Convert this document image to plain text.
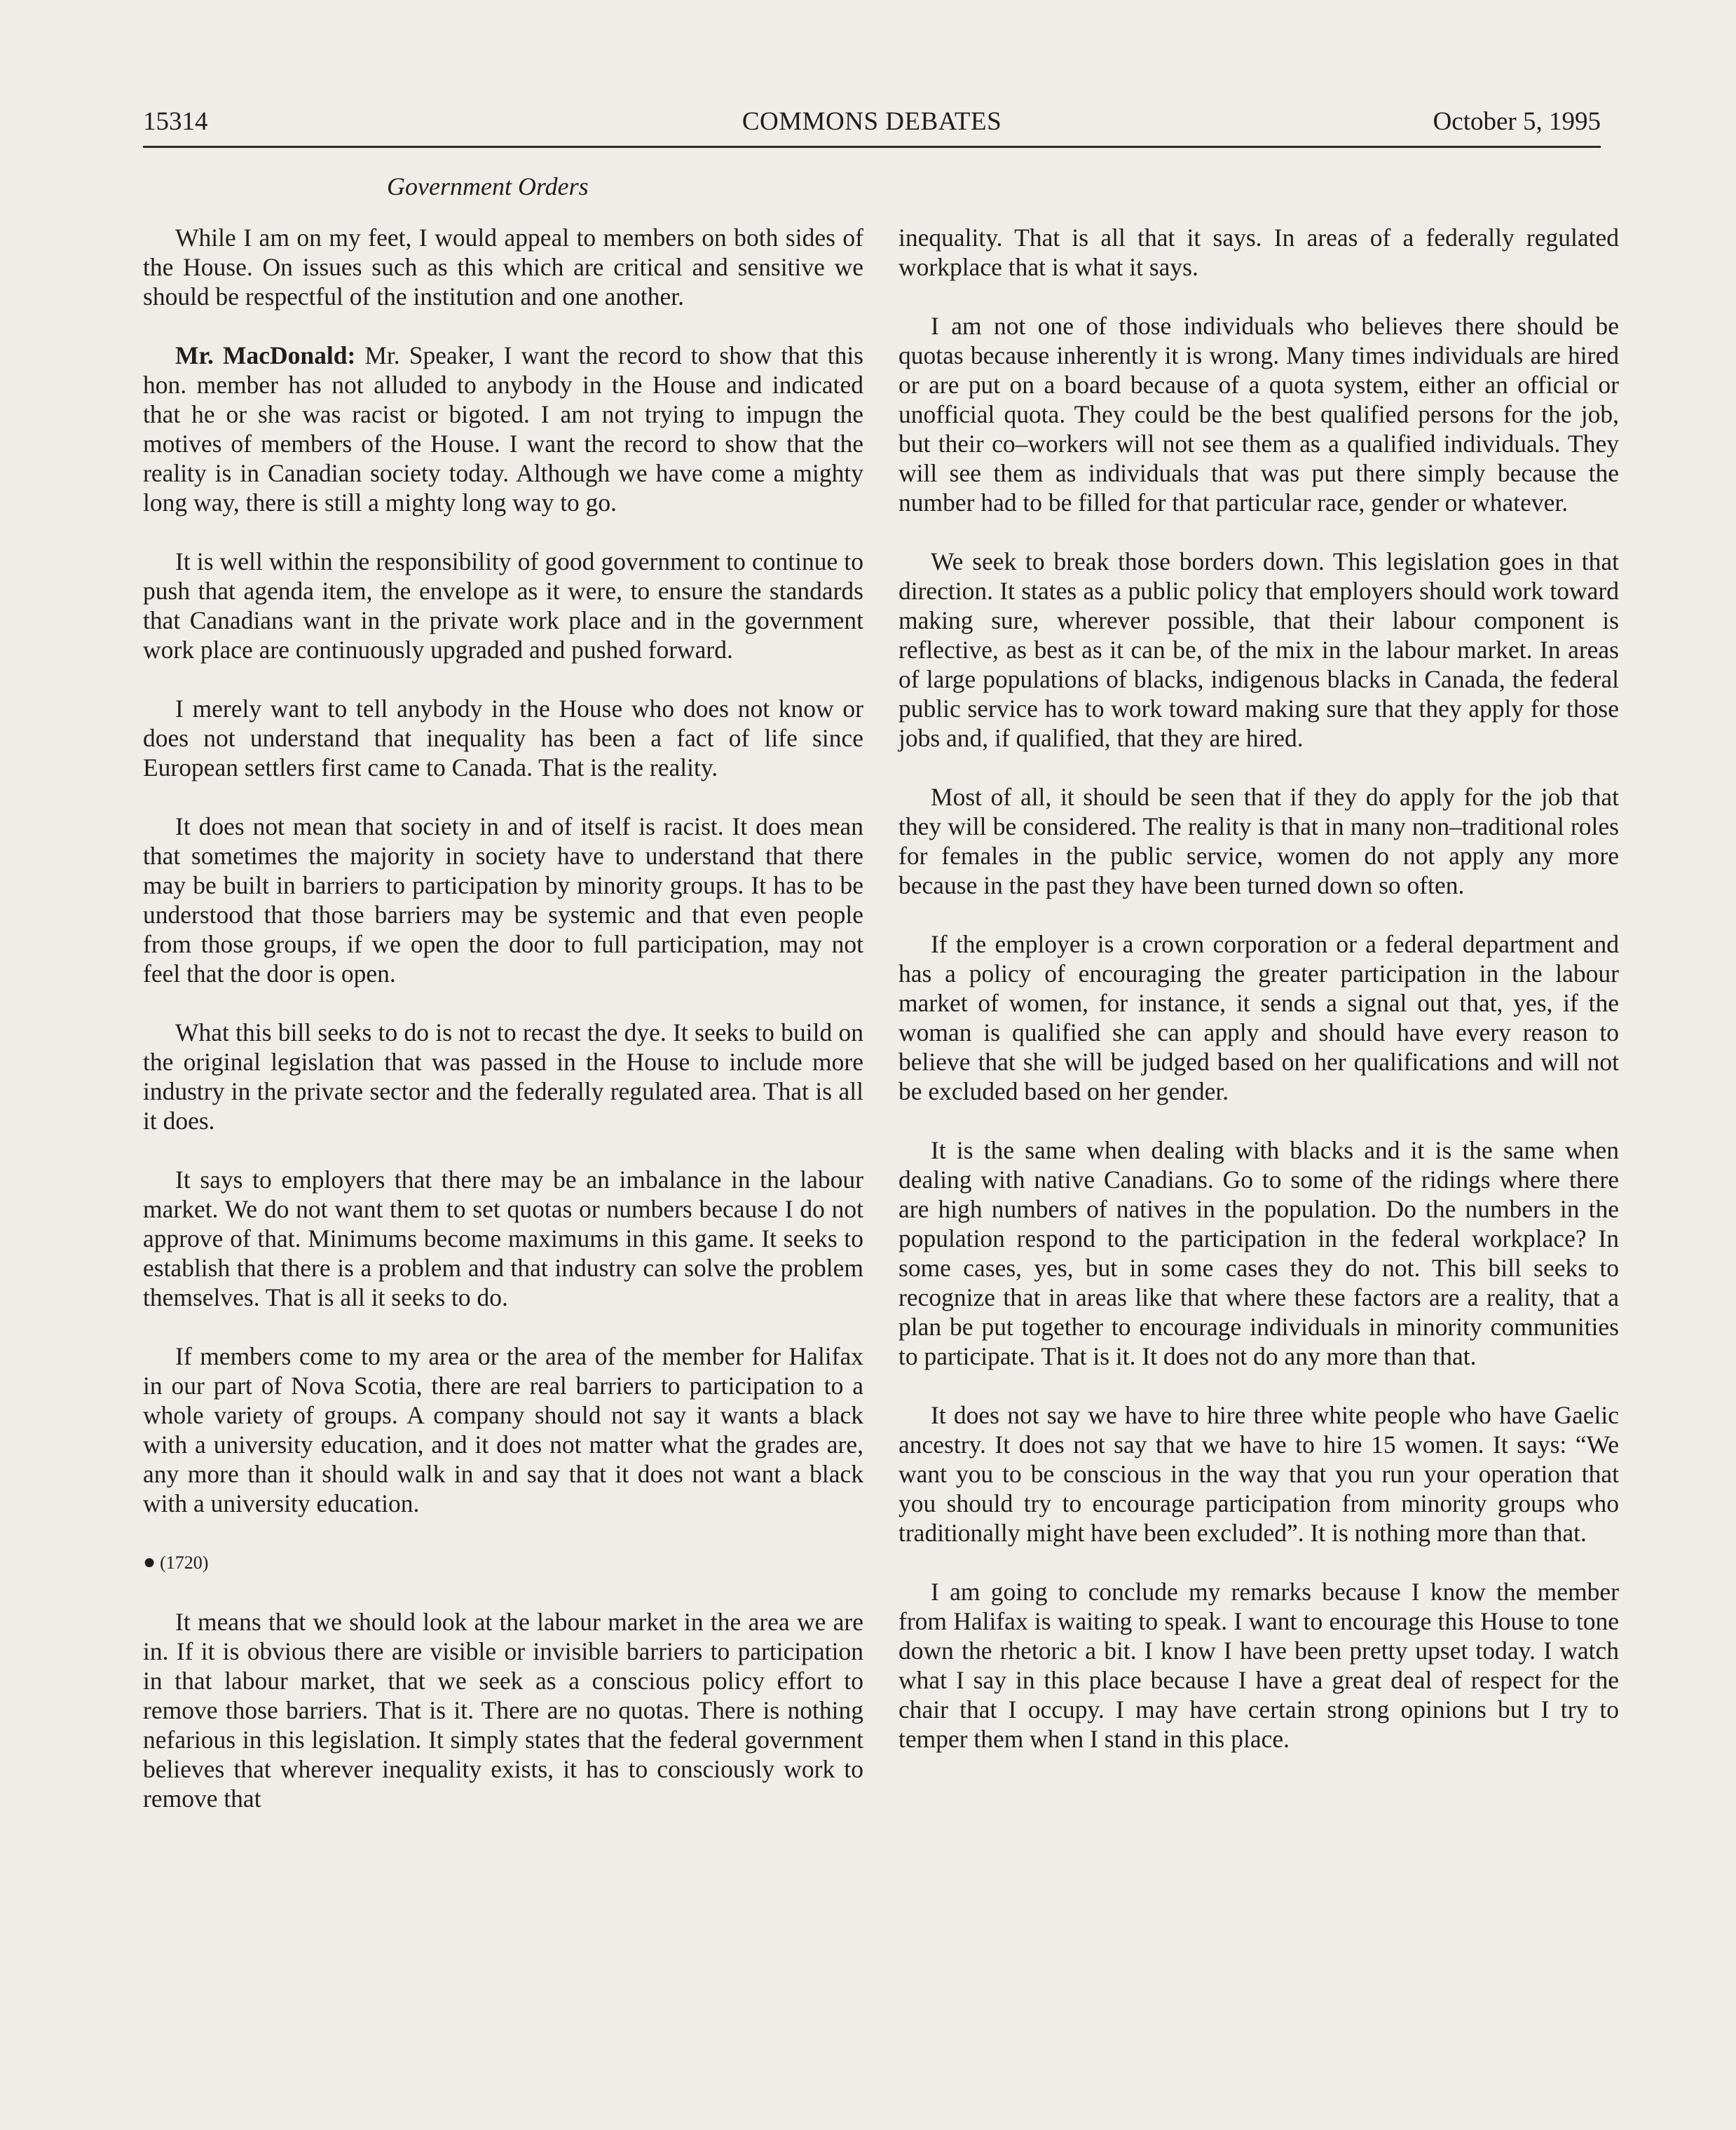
15314	COMMONS DEBATES	October 5, 1995
Government Orders

While I am on my feet, I would appeal to members on both sides of the House. On issues such as this which are critical and sensitive we should be respectful of the institution and one another.

Mr. MacDonald: Mr. Speaker, I want the record to show that this hon. member has not alluded to anybody in the House and indicated that he or she was racist or bigoted. I am not trying to impugn the motives of members of the House. I want the record to show that the reality is in Canadian society today. Although we have come a mighty long way, there is still a mighty long way to go.

It is well within the responsibility of good government to continue to push that agenda item, the envelope as it were, to ensure the standards that Canadians want in the private work place and in the government work place are continuously upgraded and pushed forward.

I merely want to tell anybody in the House who does not know or does not understand that inequality has been a fact of life since European settlers first came to Canada. That is the reality.

It does not mean that society in and of itself is racist. It does mean that sometimes the majority in society have to understand that there may be built in barriers to participation by minority groups. It has to be understood that those barriers may be systemic and that even people from those groups, if we open the door to full participation, may not feel that the door is open.

What this bill seeks to do is not to recast the dye. It seeks to build on the original legislation that was passed in the House to include more industry in the private sector and the federally regulated area. That is all it does.

It says to employers that there may be an imbalance in the labour market. We do not want them to set quotas or numbers because I do not approve of that. Minimums become maximums in this game. It seeks to establish that there is a problem and that industry can solve the problem themselves. That is all it seeks to do.

If members come to my area or the area of the member for Halifax in our part of Nova Scotia, there are real barriers to participation to a whole variety of groups. A company should not say it wants a black with a university education, and it does not matter what the grades are, any more than it should walk in and say that it does not want a black with a university education.

● (1720)

It means that we should look at the labour market in the area we are in. If it is obvious there are visible or invisible barriers to participation in that labour market, that we seek as a conscious policy effort to remove those barriers. That is it. There are no quotas. There is nothing nefarious in this legislation. It simply states that the federal government believes that wherever inequality exists, it has to consciously work to remove that

inequality. That is all that it says. In areas of a federally regulated workplace that is what it says.

I am not one of those individuals who believes there should be quotas because inherently it is wrong. Many times individuals are hired or are put on a board because of a quota system, either an official or unofficial quota. They could be the best qualified persons for the job, but their co–workers will not see them as a qualified individuals. They will see them as individuals that was put there simply because the number had to be filled for that particular race, gender or whatever.

We seek to break those borders down. This legislation goes in that direction. It states as a public policy that employers should work toward making sure, wherever possible, that their labour component is reflective, as best as it can be, of the mix in the labour market. In areas of large populations of blacks, indigenous blacks in Canada, the federal public service has to work toward making sure that they apply for those jobs and, if qualified, that they are hired.

Most of all, it should be seen that if they do apply for the job that they will be considered. The reality is that in many non–traditional roles for females in the public service, women do not apply any more because in the past they have been turned down so often.

If the employer is a crown corporation or a federal department and has a policy of encouraging the greater participation in the labour market of women, for instance, it sends a signal out that, yes, if the woman is qualified she can apply and should have every reason to believe that she will be judged based on her qualifications and will not be excluded based on her gender.

It is the same when dealing with blacks and it is the same when dealing with native Canadians. Go to some of the ridings where there are high numbers of natives in the population. Do the numbers in the population respond to the participation in the federal workplace? In some cases, yes, but in some cases they do not. This bill seeks to recognize that in areas like that where these factors are a reality, that a plan be put together to encourage individuals in minority communities to participate. That is it. It does not do any more than that.

It does not say we have to hire three white people who have Gaelic ancestry. It does not say that we have to hire 15 women. It says: “We want you to be conscious in the way that you run your operation that you should try to encourage participation from minority groups who traditionally might have been excluded”. It is nothing more than that.

I am going to conclude my remarks because I know the member from Halifax is waiting to speak. I want to encourage this House to tone down the rhetoric a bit. I know I have been pretty upset today. I watch what I say in this place because I have a great deal of respect for the chair that I occupy. I may have certain strong opinions but I try to temper them when I stand in this place.
